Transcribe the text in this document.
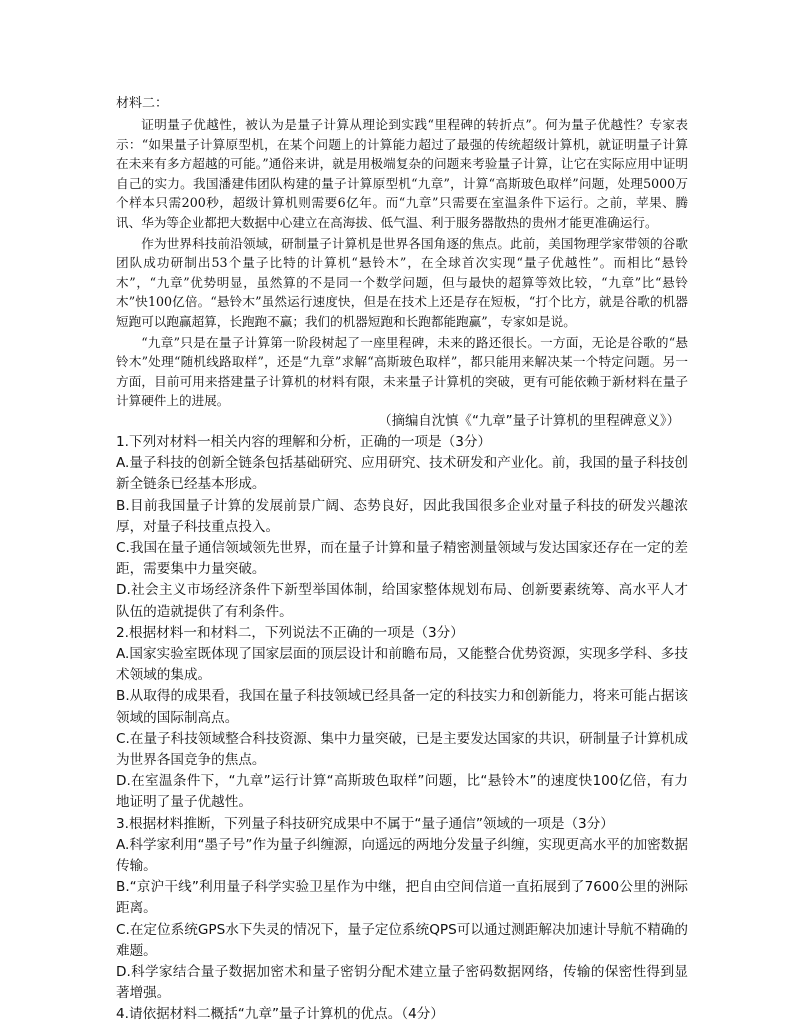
材料二：

证明量子优越性，被认为是量子计算从理论到实践“里程碑的转折点”。何为量子优越性？专家表示：“如果量子计算原型机，在某个问题上的计算能力超过了最强的传统超级计算机，就证明量子计算在未来有多方超越的可能。”通俗来讲，就是用极端复杂的问题来考验量子计算，让它在实际应用中证明自己的实力。我国潘建伟团队构建的量子计算原型机“九章”，计算“高斯玻色取样”问题，处理5000万个样本只需200秒，超级计算机则需要6亿年。而“九章”只需要在室温条件下运行。之前，苹果、腾讯、华为等企业都把大数据中心建立在高海拔、低气温、利于服务器散热的贵州才能更准确运行。

作为世界科技前沿领域，研制量子计算机是世界各国角逐的焦点。此前，美国物理学家带领的谷歌团队成功研制出53个量子比特的计算机“悬铃木”，在全球首次实现“量子优越性”。而相比“悬铃木”，“九章”优势明显，虽然算的不是同一个数学问题，但与最快的超算等效比较，“九章”比“悬铃木”快100亿倍。“悬铃木”虽然运行速度快，但是在技术上还是存在短板，“打个比方，就是谷歌的机器短跑可以跑赢超算，长跑跑不赢；我们的机器短跑和长跑都能跑赢”，专家如是说。

“九章”只是在量子计算第一阶段树起了一座里程碑，未来的路还很长。一方面，无论是谷歌的“悬铃木”处理“随机线路取样”，还是“九章”求解“高斯玻色取样”，都只能用来解决某一个特定问题。另一方面，目前可用来搭建量子计算机的材料有限，未来量子计算机的突破，更有可能依赖于新材料在量子计算硬件上的进展。

（摘编自沈慎《“九章”量子计算机的里程碑意义》）
1.下列对材料一相关内容的理解和分析，正确的一项是（3分）
A.量子科技的创新全链条包括基础研究、应用研究、技术研发和产业化。前，我国的量子科技创新全链条已经基本形成。
B.目前我国量子计算的发展前景广阔、态势良好，因此我国很多企业对量子科技的研发兴趣浓厚，对量子科技重点投入。
C.我国在量子通信领域领先世界，而在量子计算和量子精密测量领域与发达国家还存在一定的差距，需要集中力量突破。
D.社会主义市场经济条件下新型举国体制，给国家整体规划布局、创新要素统筹、高水平人才队伍的造就提供了有利条件。
2.根据材料一和材料二，下列说法不正确的一项是（3分）
A.国家实验室既体现了国家层面的顶层设计和前瞻布局，又能整合优势资源，实现多学科、多技术领域的集成。
B.从取得的成果看，我国在量子科技领域已经具备一定的科技实力和创新能力，将来可能占据该领域的国际制高点。
C.在量子科技领域整合科技资源、集中力量突破，已是主要发达国家的共识，研制量子计算机成为世界各国竞争的焦点。
D.在室温条件下，“九章”运行计算“高斯玻色取样”问题，比“悬铃木”的速度快100亿倍，有力地证明了量子优越性。
3.根据材料推断，下列量子科技研究成果中不属于“量子通信”领域的一项是（3分）
A.科学家利用“墨子号”作为量子纠缠源，向遥远的两地分发量子纠缠，实现更高水平的加密数据传输。
B.“京沪干线”利用量子科学实验卫星作为中继，把自由空间信道一直拓展到了7600公里的洲际距离。
C.在定位系统GPS水下失灵的情况下，量子定位系统QPS可以通过测距解决加速计导航不精确的难题。
D.科学家结合量子数据加密术和量子密钥分配术建立量子密码数据网络，传输的保密性得到显著增强。
4.请依据材料二概括“九章”量子计算机的优点。（4分）
